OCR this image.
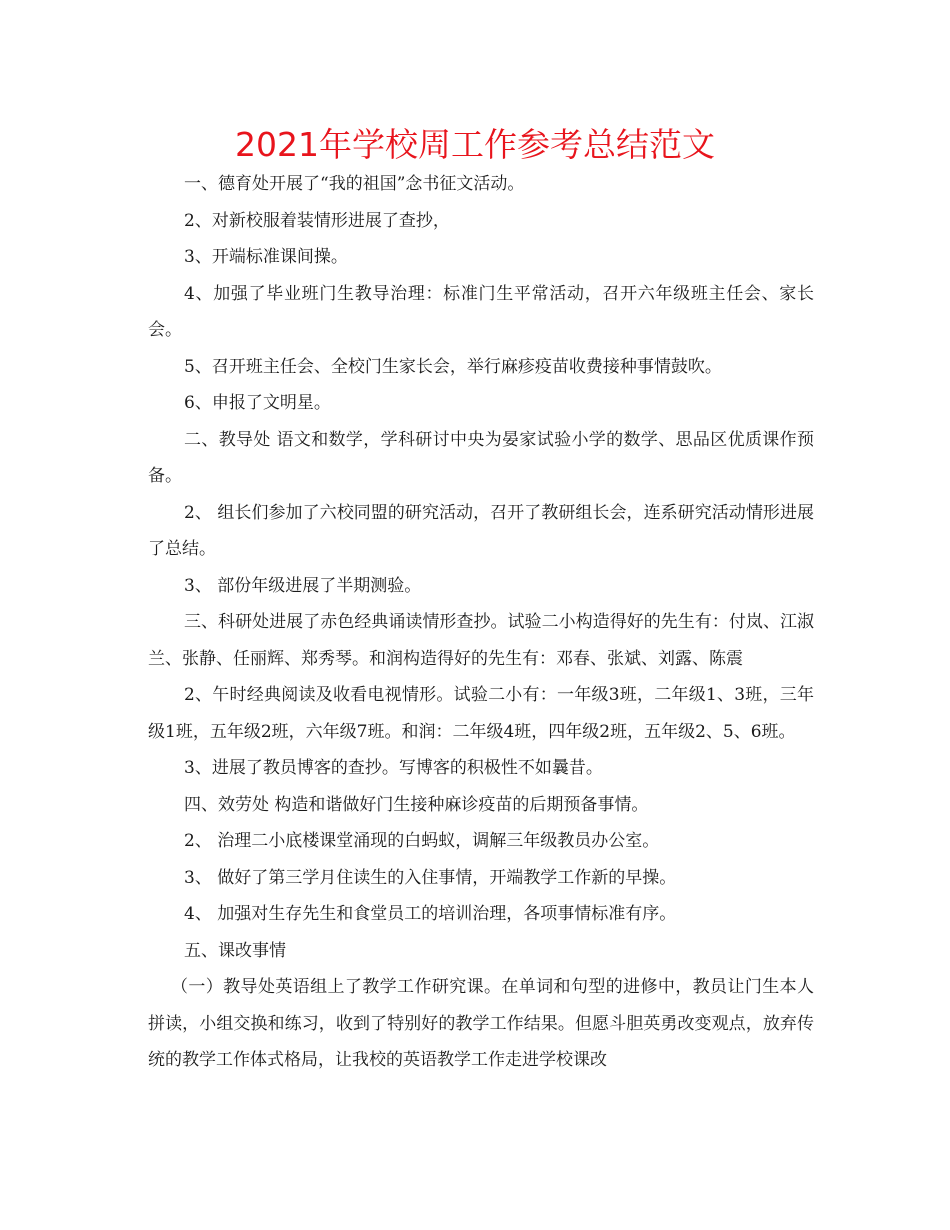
2021年学校周工作参考总结范文

一、德育处开展了“我的祖国”念书征文活动。

2、对新校服着装情形进展了查抄，

3、开端标准课间操。

4、加强了毕业班门生教导治理：标准门生平常活动，召开六年级班主任会、家长会。

5、召开班主任会、全校门生家长会，举行麻疹疫苗收费接种事情鼓吹。

6、申报了文明星。

二、教导处 语文和数学，学科研讨中央为晏家试验小学的数学、思品区优质课作预备。

2、 组长们参加了六校同盟的研究活动，召开了教研组长会，连系研究活动情形进展了总结。

3、 部份年级进展了半期测验。

三、科研处进展了赤色经典诵读情形查抄。试验二小构造得好的先生有：付岚、江淑兰、张静、任丽辉、郑秀琴。和润构造得好的先生有：邓春、张斌、刘露、陈震

2、午时经典阅读及收看电视情形。试验二小有：一年级3班，二年级1、3班，三年级1班，五年级2班，六年级7班。和润：二年级4班，四年级2班，五年级2、5、6班。

3、进展了教员博客的查抄。写博客的积极性不如曩昔。

四、效劳处 构造和谐做好门生接种麻诊疫苗的后期预备事情。

2、 治理二小底楼课堂涌现的白蚂蚁，调解三年级教员办公室。

3、 做好了第三学月住读生的入住事情，开端教学工作新的早操。

4、 加强对生存先生和食堂员工的培训治理，各项事情标准有序。

五、课改事情

（一）教导处英语组上了教学工作研究课。在单词和句型的进修中，教员让门生本人拼读，小组交换和练习，收到了特别好的教学工作结果。但愿斗胆英勇改变观点，放弃传统的教学工作体式格局，让我校的英语教学工作走进学校课改
